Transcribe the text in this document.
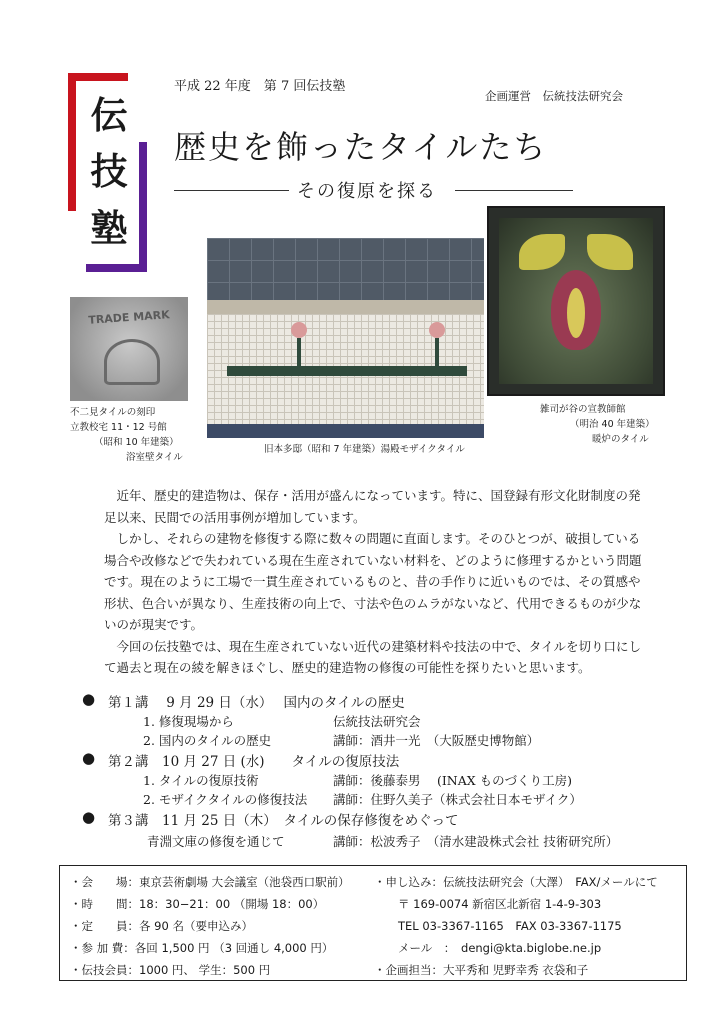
伝
技
塾
平成 22 年度　第 7 回伝技塾
企画運営　伝統技法研究会
歴史を飾ったタイルたち
その復原を探る
TRADE MARK
不二見タイルの刻印
立教校宅 11・12 号館
（昭和 10 年建築）
浴室壁タイル
旧本多邸（昭和 7 年建築）湯殿モザイクタイル
雑司が谷の宣教師館
（明治 40 年建築）
暖炉のタイル

近年、歴史的建造物は、保存・活用が盛んになっています。特に、国登録有形文化財制度の発足以来、民間での活用事例が増加しています。

しかし、それらの建物を修復する際に数々の問題に直面します。そのひとつが、破損している場合や改修などで失われている現在生産されていない材料を、どのように修理するかという問題です。現在のように工場で一貫生産されているものと、昔の手作りに近いものでは、その質感や形状、色合いが異なり、生産技術の向上で、寸法や色のムラがないなど、代用できるものが少ないのが現実です。

今回の伝技塾では、現在生産されていない近代の建築材料や技法の中で、タイルを切り口にして過去と現在の綾を解きほぐし、歴史的建造物の修復の可能性を探りたいと思います。

● 第１講　 9 月 29 日（水）　 国内のタイルの歴史
1. 修復現場から	伝統技法研究会
2. 国内のタイルの歴史	講師：酒井一光　（大阪歴史博物館）
● 第２講　10 月 27 日 (水)　　タイルの復原技法
1. タイルの復原技術	講師：後藤泰男　 (INAX ものづくり工房)
2. モザイクタイルの修復技法 講師：住野久美子（株式会社日本モザイク）
● 第３講　11 月 25 日（木）　タイルの保存修復をめぐって
青淵文庫の修復を通じて	講師：松波秀子　（清水建設株式会社 技術研究所）
・会　　場：東京芸術劇場 大会議室（池袋西口駅前）
・時　　間：18：30−21：00 （開場 18：00）
・定　　員：各 90 名（要申込み）
・参 加 費：各回 1,500 円 （3 回通し 4,000 円）
・伝技会員：1000 円、 学生：500 円
・申し込み：伝統技法研究会（大澤）　FAX/メールにて
〒 169-0074 新宿区北新宿 1-4-9-303
TEL 03-3367-1165　FAX 03-3367-1175
メール　：　dengi@kta.biglobe.ne.jp
・企画担当：大平秀和 児野幸秀 衣袋和子
